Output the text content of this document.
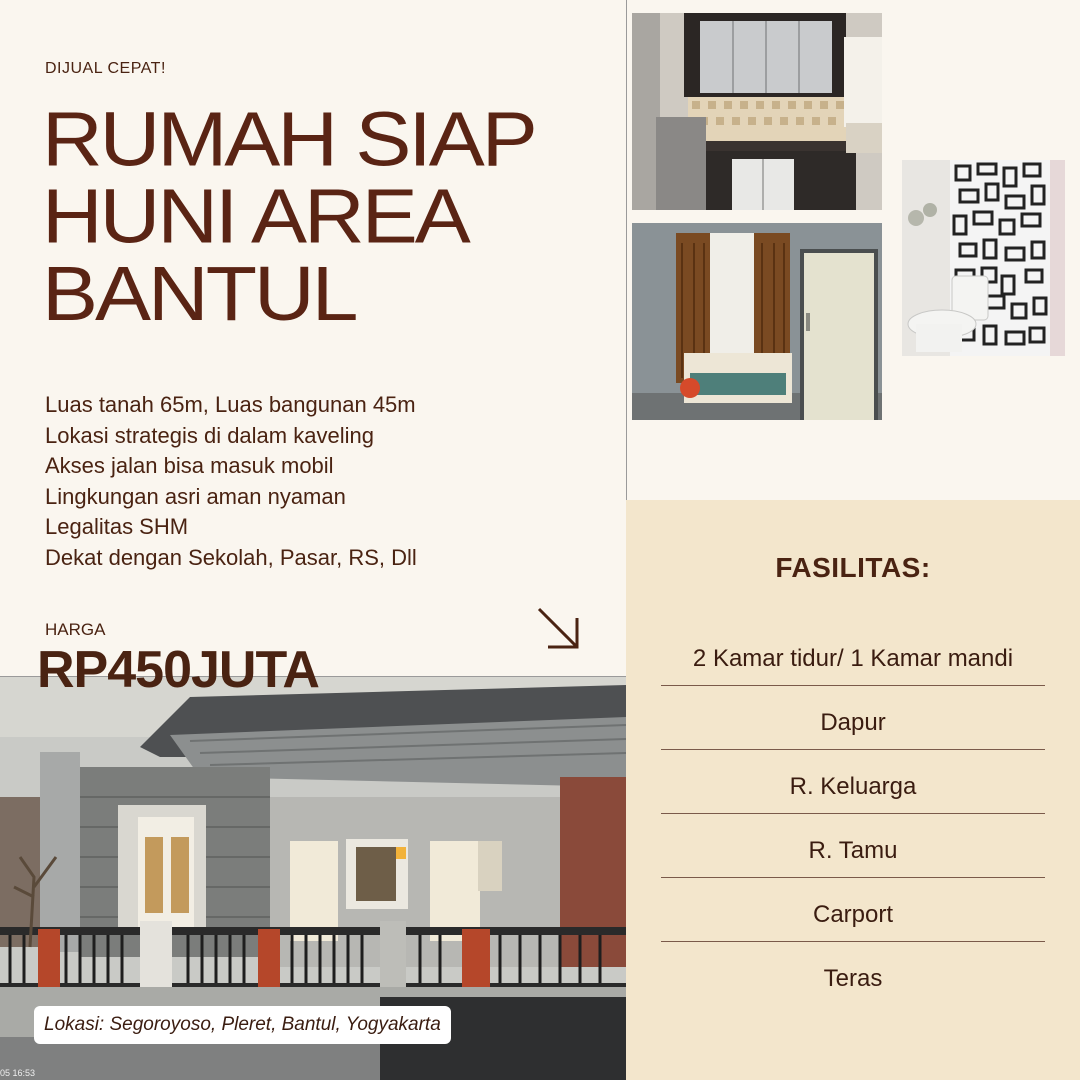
DIJUAL CEPAT!
RUMAH SIAP HUNI AREA BANTUL
Luas tanah 65m, Luas bangunan 45m
Lokasi strategis di dalam kaveling
Akses jalan bisa masuk mobil
Lingkungan asri aman nyaman
Legalitas SHM
Dekat dengan Sekolah, Pasar, RS, Dll
HARGA
RP450JUTA
Lokasi: Segoroyoso, Pleret, Bantul, Yogyakarta
05 16:53
FASILITAS:
2 Kamar tidur/ 1 Kamar mandi
Dapur
R. Keluarga
R. Tamu
Carport
Teras
